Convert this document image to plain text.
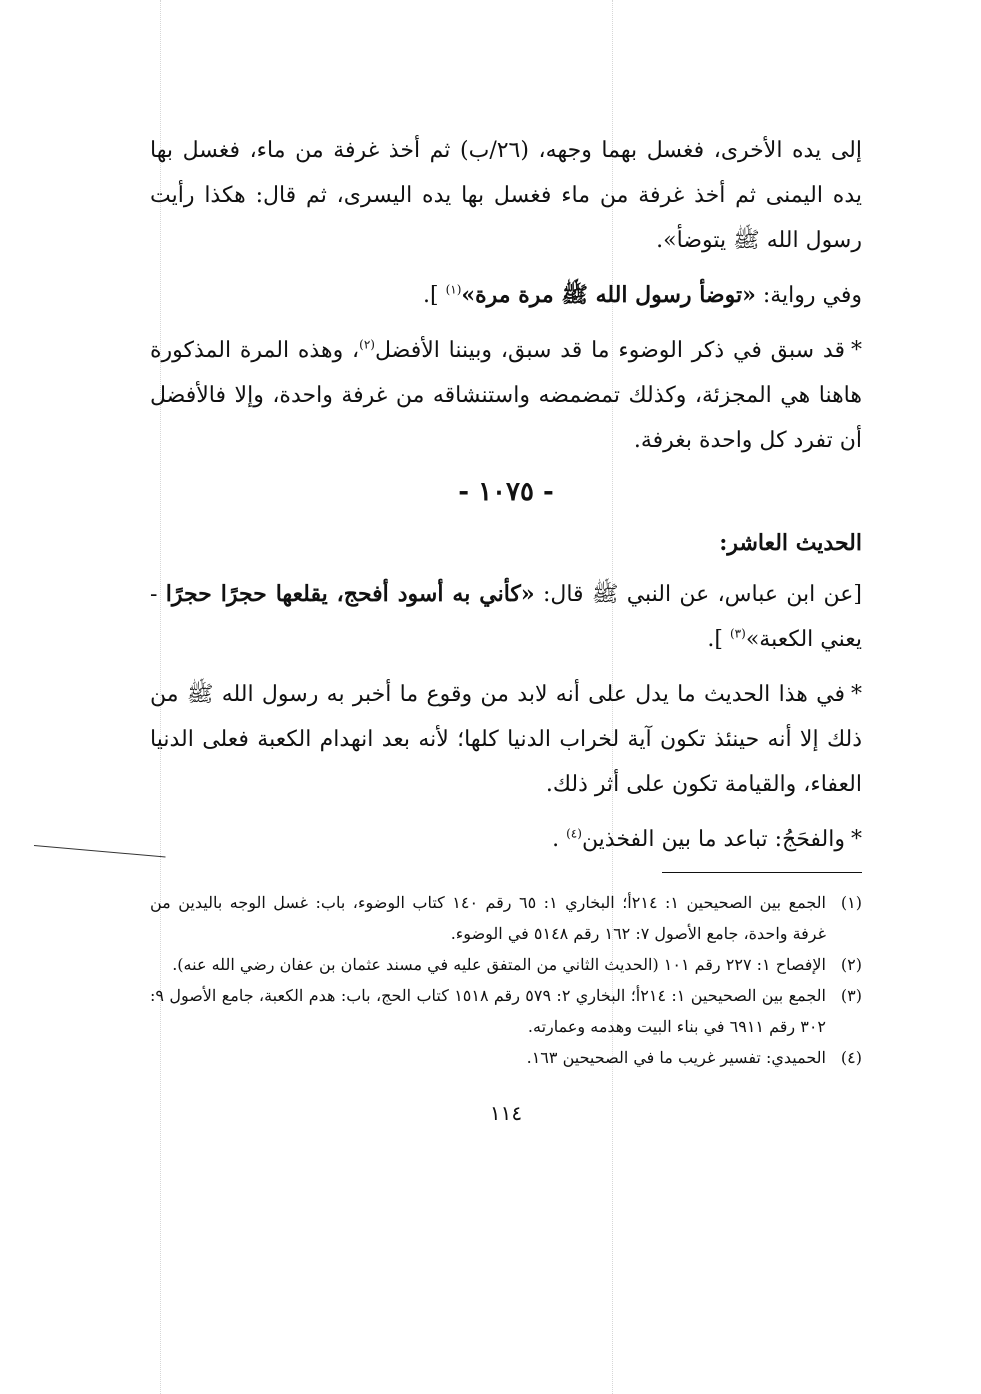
إلى يده الأخرى، فغسل بهما وجهه، (٢٦/ب) ثم أخذ غرفة من ماء، فغسل بها يده اليمنى ثم أخذ غرفة من ماء فغسل بها يده اليسرى، ثم قال: هكذا رأيت رسول الله ﷺ يتوضأ».

وفي رواية: «توضأ رسول الله ﷺ مرة مرة»$^{(١)}$ ].

*قد سبق في ذكر الوضوء ما قد سبق، وبيننا الأفضل$^{(٢)}$، وهذه المرة المذكورة هاهنا هي المجزئة، وكذلك تمضمضه واستنشاقه من غرفة واحدة، وإلا فالأفضل أن تفرد كل واحدة بغرفة.

- ١٠٧٥ -
الحديث العاشر:

[عن ابن عباس، عن النبي ﷺ قال: «كأني به أسود أفحج، يقلعها حجرًا حجرًا - يعني الكعبة»$^{(٣)}$ ].

*في هذا الحديث ما يدل على أنه لابد من وقوع ما أخبر به رسول الله ﷺ من ذلك إلا أنه حينئذ تكون آية لخراب الدنيا كلها؛ لأنه بعد انهدام الكعبة فعلى الدنيا العفاء، والقيامة تكون على أثر ذلك.

*والفحَجُ: تباعد ما بين الفخذين$^{(٤)}$ .

(١)
الجمع بين الصحيحين ١: ٢١٤أ؛ البخاري ١: ٦٥ رقم ١٤٠ كتاب الوضوء، باب: غسل الوجه باليدين من غرفة واحدة، جامع الأصول ٧: ١٦٢ رقم ٥١٤٨ في الوضوء.
(٢)
الإفصاح ١: ٢٢٧ رقم ١٠١ (الحديث الثاني من المتفق عليه في مسند عثمان بن عفان رضي الله عنه).
(٣)
الجمع بين الصحيحين ١: ٢١٤أ؛ البخاري ٢: ٥٧٩ رقم ١٥١٨ كتاب الحج، باب: هدم الكعبة، جامع الأصول ٩: ٣٠٢ رقم ٦٩١١ في بناء البيت وهدمه وعمارته.
(٤)
الحميدي: تفسير غريب ما في الصحيحين ١٦٣.
١١٤
